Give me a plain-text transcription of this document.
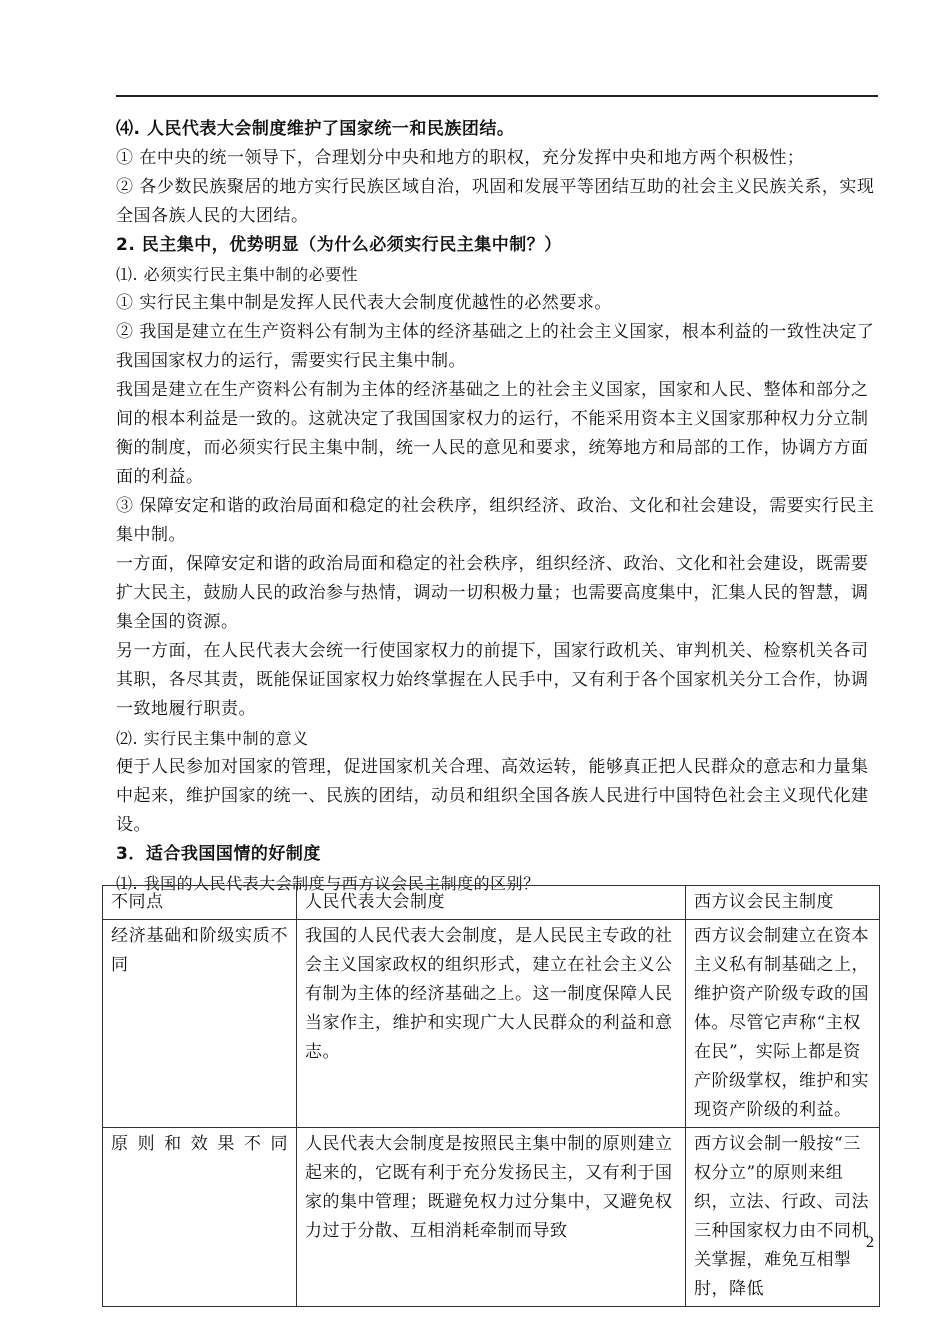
⑷. 人民代表大会制度维护了国家统一和民族团结。

① 在中央的统一领导下，合理划分中央和地方的职权，充分发挥中央和地方两个积极性；

② 各少数民族聚居的地方实行民族区域自治，巩固和发展平等团结互助的社会主义民族关系，实现全国各族人民的大团结。

2. 民主集中，优势明显（为什么必须实行民主集中制？）

⑴. 必须实行民主集中制的必要性

① 实行民主集中制是发挥人民代表大会制度优越性的必然要求。

② 我国是建立在生产资料公有制为主体的经济基础之上的社会主义国家，根本利益的一致性决定了我国国家权力的运行，需要实行民主集中制。

我国是建立在生产资料公有制为主体的经济基础之上的社会主义国家，国家和人民、整体和部分之间的根本利益是一致的。这就决定了我国国家权力的运行，不能采用资本主义国家那种权力分立制衡的制度，而必须实行民主集中制，统一人民的意见和要求，统筹地方和局部的工作，协调方方面面的利益。

③ 保障安定和谐的政治局面和稳定的社会秩序，组织经济、政治、文化和社会建设，需要实行民主集中制。

一方面，保障安定和谐的政治局面和稳定的社会秩序，组织经济、政治、文化和社会建设，既需要扩大民主，鼓励人民的政治参与热情，调动一切积极力量；也需要高度集中，汇集人民的智慧，调集全国的资源。

另一方面，在人民代表大会统一行使国家权力的前提下，国家行政机关、审判机关、检察机关各司其职，各尽其责，既能保证国家权力始终掌握在人民手中，又有利于各个国家机关分工合作，协调一致地履行职责。

⑵. 实行民主集中制的意义

便于人民参加对国家的管理，促进国家机关合理、高效运转，能够真正把人民群众的意志和力量集中起来，维护国家的统一、民族的团结，动员和组织全国各族人民进行中国特色社会主义现代化建设。

3．适合我国国情的好制度

⑴. 我国的人民代表大会制度与西方议会民主制度的区别？

不同点	人民代表大会制度	西方议会民主制度
经济基础和阶级实质不同	我国的人民代表大会制度，是人民民主专政的社会主义国家政权的组织形式，建立在社会主义公有制为主体的经济基础之上。这一制度保障人民当家作主，维护和实现广大人民群众的利益和意志。	西方议会制建立在资本主义私有制基础之上，维护资产阶级专政的国体。尽管它声称“主权在民”，实际上都是资产阶级掌权，维护和实现资产阶级的利益。
原则和效果不同	人民代表大会制度是按照民主集中制的原则建立起来的，它既有利于充分发扬民主，又有利于国家的集中管理；既避免权力过分集中，又避免权力过于分散、互相消耗牵制而导致	西方议会制一般按“三权分立”的原则来组织，立法、行政、司法三种国家权力由不同机关掌握，难免互相掣肘，降低
2
